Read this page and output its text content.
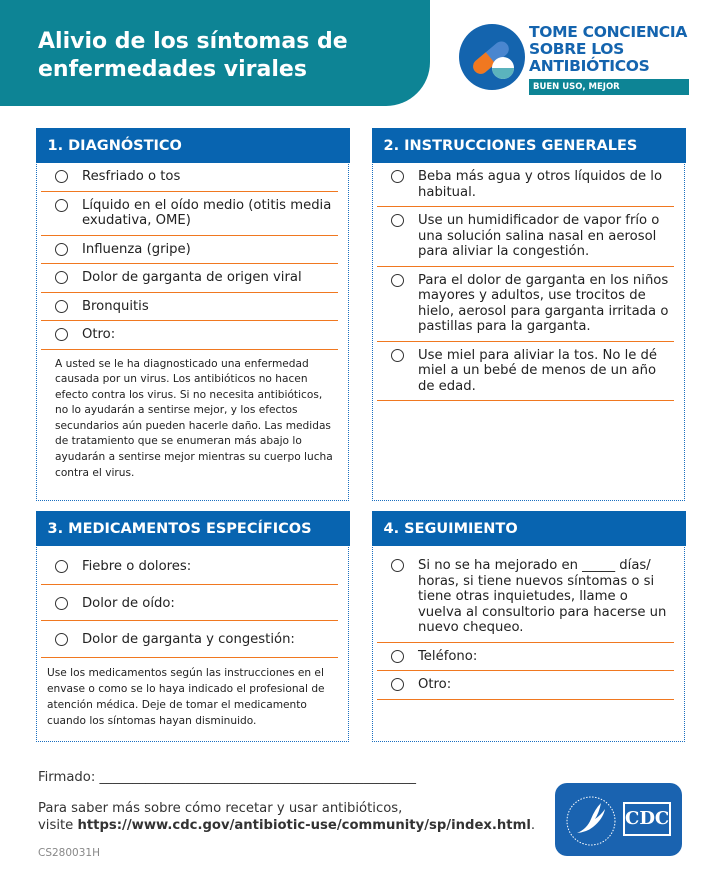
Alivio de los síntomas de
enfermedades virales
TOME CONCIENCIA
SOBRE LOS
ANTIBIÓTICOS
BUEN USO, MEJOR TRATAMIENTO
1. DIAGNÓSTICO
Resfriado o tos
Líquido en el oído medio (otitis media exudativa, OME)
Influenza (gripe)
Dolor de garganta de origen viral
Bronquitis
Otro:
A usted se le ha diagnosticado una enfermedad causada por un virus. Los antibióticos no hacen efecto contra los virus. Si no necesita antibióticos, no lo ayudarán a sentirse mejor, y los efectos secundarios aún pueden hacerle daño. Las medidas de tratamiento que se enumeran más abajo lo ayudarán a sentirse mejor mientras su cuerpo lucha contra el virus.
2. INSTRUCCIONES GENERALES
Beba más agua y otros líquidos de lo habitual.
Use un humidificador de vapor frío o una solución salina nasal en aerosol para aliviar la congestión.
Para el dolor de garganta en los niños mayores y adultos, use trocitos de hielo, aerosol para garganta irritada o pastillas para la garganta.
Use miel para aliviar la tos. No le dé miel a un bebé de menos de un año de edad.
3. MEDICAMENTOS ESPECÍFICOS
Fiebre o dolores:
Dolor de oído:
Dolor de garganta y congestión:
Use los medicamentos según las instrucciones en el envase o como se lo haya indicado el profesional de atención médica. Deje de tomar el medicamento cuando los síntomas hayan disminuido.
4. SEGUIMIENTO
Si no se ha mejorado en _____ días/ horas, si tiene nuevos síntomas o si tiene otras inquietudes, llame o vuelva al consultorio para hacerse un nuevo chequeo.
Teléfono:
Otro:
Firmado: ________________________________________________
Para saber más sobre cómo recetar y usar antibióticos,
visite https://www.cdc.gov/antibiotic-use/community/sp/index.html.
CS280031H
CDC
